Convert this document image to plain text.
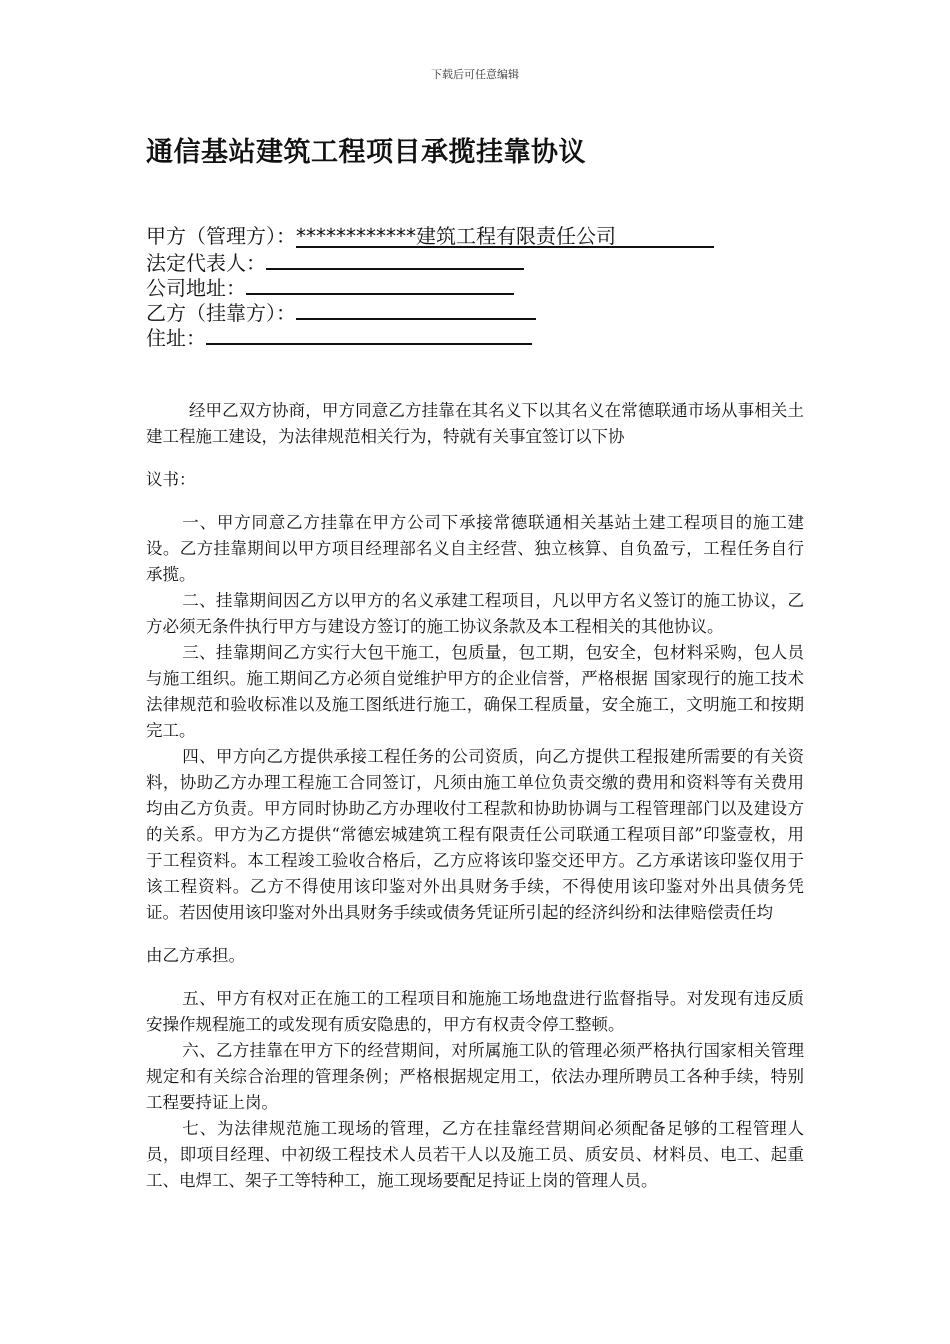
下载后可任意编辑
通信基站建筑工程项目承揽挂靠协议
甲方（管理方）：************建筑工程有限责任公司
法定代表人：
公司地址：
乙方（挂靠方）：
住址：

经甲乙双方协商，甲方同意乙方挂靠在其名义下以其名义在常德联通市场从事相关土建工程施工建设，为法律规范相关行为，特就有关事宜签订以下协

议书：

一、甲方同意乙方挂靠在甲方公司下承接常德联通相关基站土建工程项目的施工建设。乙方挂靠期间以甲方项目经理部名义自主经营、独立核算、自负盈亏，工程任务自行承揽。

二、挂靠期间因乙方以甲方的名义承建工程项目，凡以甲方名义签订的施工协议，乙方必须无条件执行甲方与建设方签订的施工协议条款及本工程相关的其他协议。

三、挂靠期间乙方实行大包干施工，包质量，包工期，包安全，包材料采购，包人员与施工组织。施工期间乙方必须自觉维护甲方的企业信誉，严格根据 国家现行的施工技术法律规范和验收标准以及施工图纸进行施工，确保工程质量，安全施工，文明施工和按期完工。

四、甲方向乙方提供承接工程任务的公司资质，向乙方提供工程报建所需要的有关资料，协助乙方办理工程施工合同签订，凡须由施工单位负责交缴的费用和资料等有关费用均由乙方负责。甲方同时协助乙方办理收付工程款和协助协调与工程管理部门以及建设方的关系。甲方为乙方提供“常德宏城建筑工程有限责任公司联通工程项目部”印鉴壹枚，用于工程资料。本工程竣工验收合格后，乙方应将该印鉴交还甲方。乙方承诺该印鉴仅用于该工程资料。乙方不得使用该印鉴对外出具财务手续，不得使用该印鉴对外出具债务凭证。若因使用该印鉴对外出具财务手续或债务凭证所引起的经济纠纷和法律赔偿责任均

由乙方承担。

五、甲方有权对正在施工的工程项目和施施工场地盘进行监督指导。对发现有违反质安操作规程施工的或发现有质安隐患的，甲方有权责令停工整顿。

六、乙方挂靠在甲方下的经营期间，对所属施工队的管理必须严格执行国家相关管理规定和有关综合治理的管理条例；严格根据规定用工，依法办理所聘员工各种手续，特别工程要持证上岗。

七、为法律规范施工现场的管理，乙方在挂靠经营期间必须配备足够的工程管理人员，即项目经理、中初级工程技术人员若干人以及施工员、质安员、材料员、电工、起重工、电焊工、架子工等特种工，施工现场要配足持证上岗的管理人员。
